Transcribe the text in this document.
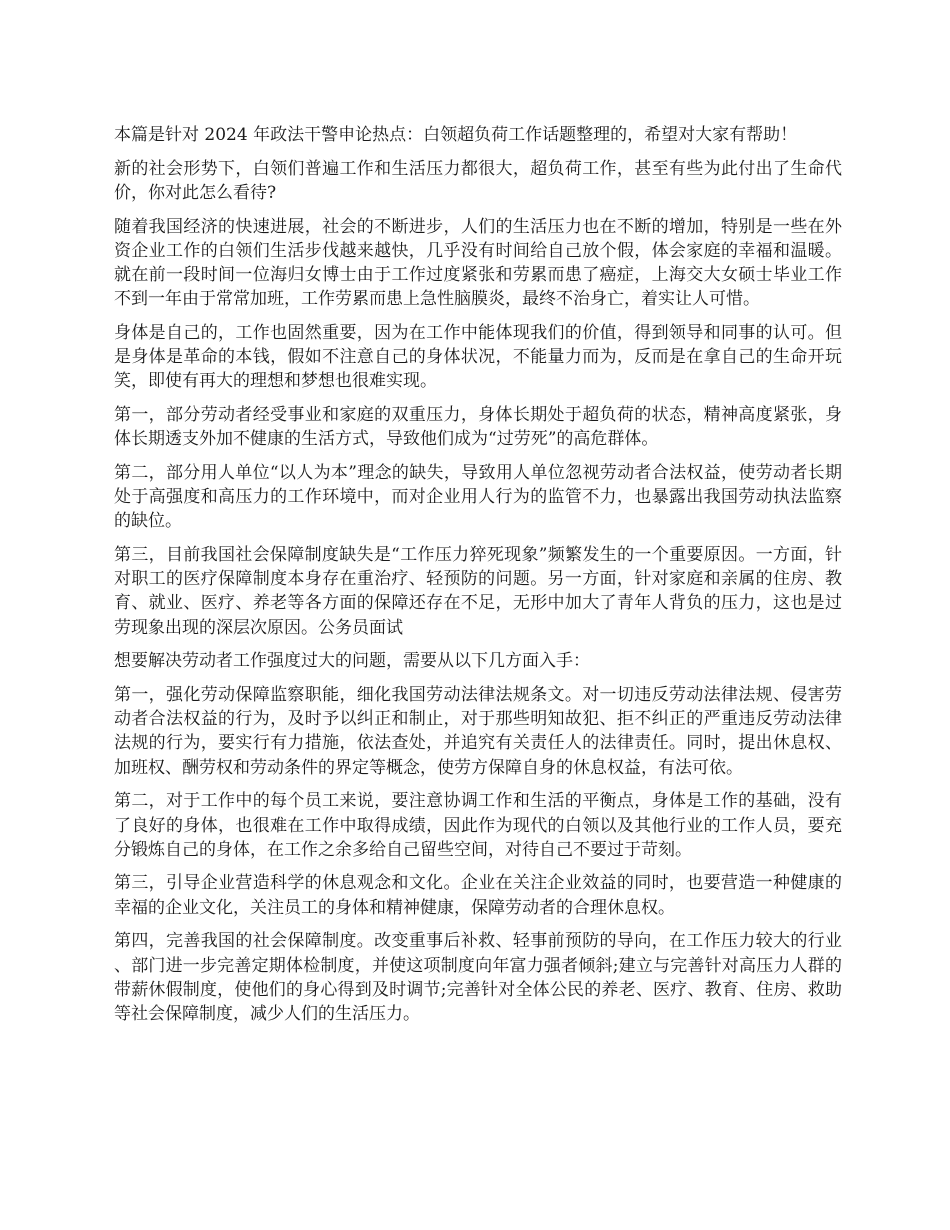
本篇是针对 2024 年政法干警申论热点：白领超负荷工作话题整理的，希望对大家有帮助！

新的社会形势下，白领们普遍工作和生活压力都很大，超负荷工作，甚至有些为此付出了生命代价，你对此怎么看待?

随着我国经济的快速进展，社会的不断进步，人们的生活压力也在不断的增加，特别是一些在外资企业工作的白领们生活步伐越来越快，几乎没有时间给自己放个假，体会家庭的幸福和温暖。就在前一段时间一位海归女博士由于工作过度紧张和劳累而患了癌症，上海交大女硕士毕业工作不到一年由于常常加班，工作劳累而患上急性脑膜炎，最终不治身亡，着实让人可惜。

身体是自己的，工作也固然重要，因为在工作中能体现我们的价值，得到领导和同事的认可。但是身体是革命的本钱，假如不注意自己的身体状况，不能量力而为，反而是在拿自己的生命开玩笑，即使有再大的理想和梦想也很难实现。

第一，部分劳动者经受事业和家庭的双重压力，身体长期处于超负荷的状态，精神高度紧张，身体长期透支外加不健康的生活方式，导致他们成为“过劳死”的高危群体。

第二，部分用人单位“以人为本”理念的缺失，导致用人单位忽视劳动者合法权益，使劳动者长期处于高强度和高压力的工作环境中，而对企业用人行为的监管不力，也暴露出我国劳动执法监察的缺位。

第三，目前我国社会保障制度缺失是“工作压力猝死现象”频繁发生的一个重要原因。一方面，针对职工的医疗保障制度本身存在重治疗、轻预防的问题。另一方面，针对家庭和亲属的住房、教育、就业、医疗、养老等各方面的保障还存在不足，无形中加大了青年人背负的压力，这也是过劳现象出现的深层次原因。公务员面试

想要解决劳动者工作强度过大的问题，需要从以下几方面入手：

第一，强化劳动保障监察职能，细化我国劳动法律法规条文。对一切违反劳动法律法规、侵害劳动者合法权益的行为，及时予以纠正和制止，对于那些明知故犯、拒不纠正的严重违反劳动法律法规的行为，要实行有力措施，依法查处，并追究有关责任人的法律责任。同时，提出休息权、加班权、酬劳权和劳动条件的界定等概念，使劳方保障自身的休息权益，有法可依。

第二，对于工作中的每个员工来说，要注意协调工作和生活的平衡点，身体是工作的基础，没有了良好的身体，也很难在工作中取得成绩，因此作为现代的白领以及其他行业的工作人员，要充分锻炼自己的身体，在工作之余多给自己留些空间，对待自己不要过于苛刻。

第三，引导企业营造科学的休息观念和文化。企业在关注企业效益的同时，也要营造一种健康的幸福的企业文化，关注员工的身体和精神健康，保障劳动者的合理休息权。

第四，完善我国的社会保障制度。改变重事后补救、轻事前预防的导向，在工作压力较大的行业、部门进一步完善定期体检制度，并使这项制度向年富力强者倾斜;建立与完善针对高压力人群的带薪休假制度，使他们的身心得到及时调节;完善针对全体公民的养老、医疗、教育、住房、救助等社会保障制度，减少人们的生活压力。
